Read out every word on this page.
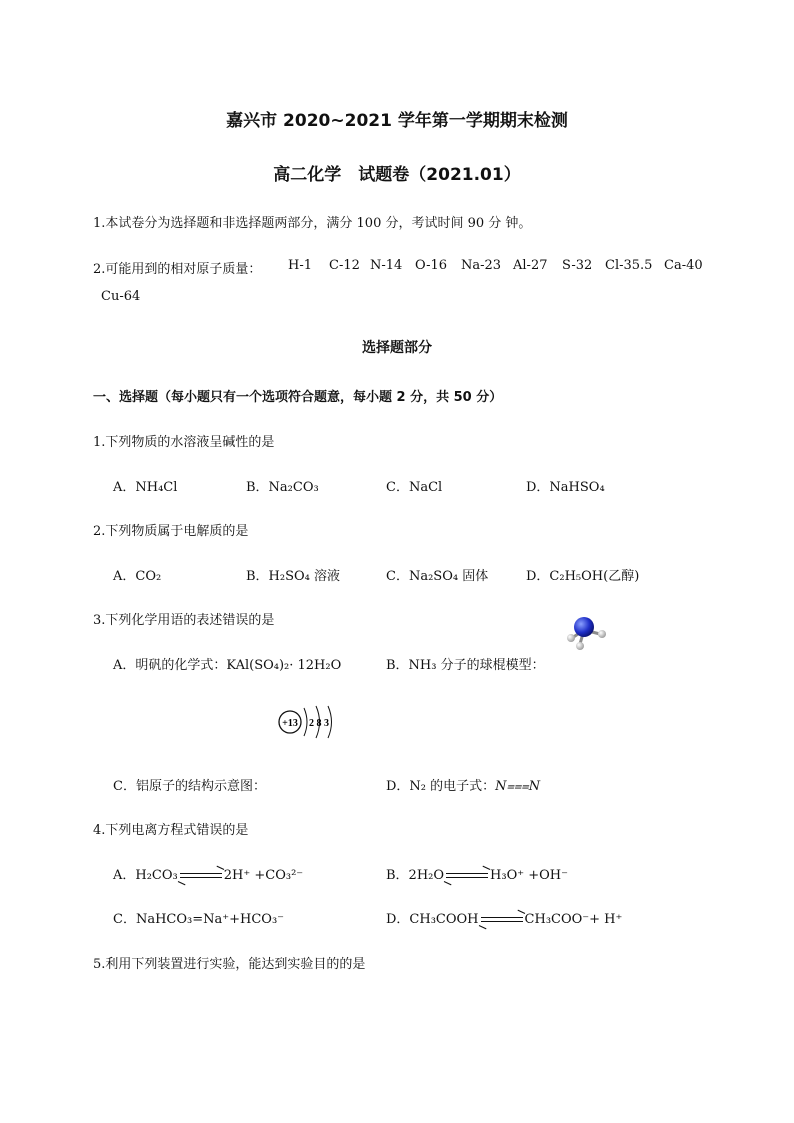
嘉兴市 2020~2021 学年第一学期期末检测
高二化学　试题卷（2021.01）
1.本试卷分为选择题和非选择题两部分，满分 100 分，考试时间 90 分 钟。
2.可能用到的相对原子质量： H-1 C-12 N-14 O-16 Na-23 Al-27 S-32 Cl-35.5 Ca-40
Cu-64
选择题部分
一、选择题（每小题只有一个选项符合题意，每小题 2 分，共 50 分）
1.下列物质的水溶液呈碱性的是
A．NH₄Cl	B．Na₂CO₃	C．NaCl	D．NaHSO₄
2.下列物质属于电解质的是
A．CO₂	B．H₂SO₄ 溶液	C．Na₂SO₄ 固体	D．C₂H₅OH(乙醇)
3.下列化学用语的表述错误的是
A．明矾的化学式：KAl(SO₄)₂· 12H₂O	B．NH₃ 分子的球棍模型：
+13 2 8 3
C．铝原子的结构示意图：	D．N₂ 的电子式：N⩶N
4.下列电离方程式错误的是
A．H₂CO₃	2H⁺ +CO₃²⁻	B．2H₂O	H₃O⁺ +OH⁻
C．NaHCO₃=Na⁺+HCO₃⁻	D．CH₃COOH	CH₃COO⁻+ H⁺
5.利用下列装置进行实验，能达到实验目的的是
